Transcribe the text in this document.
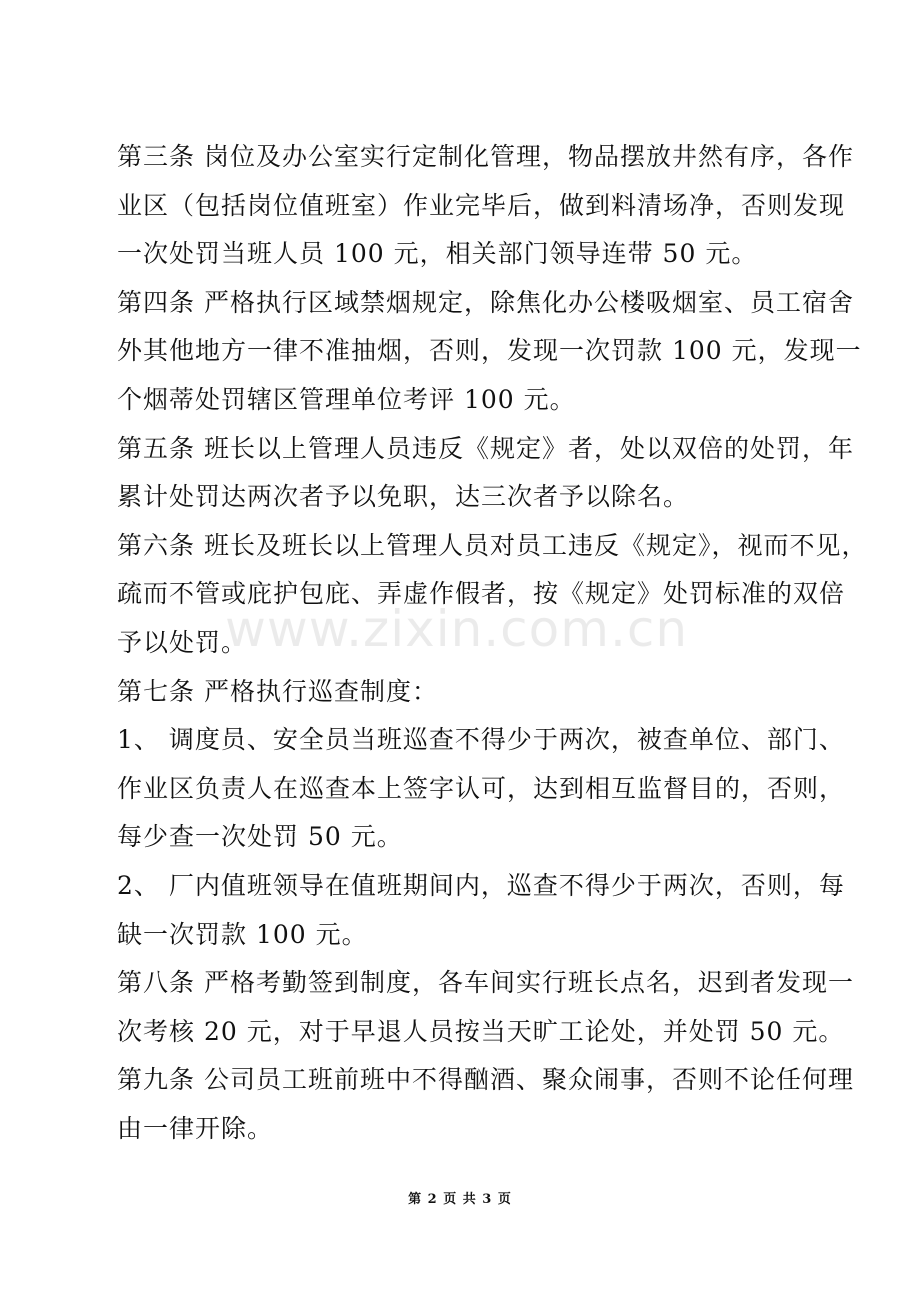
第三条 岗位及办公室实行定制化管理，物品摆放井然有序，各作
业区（包括岗位值班室）作业完毕后，做到料清场净，否则发现
一次处罚当班人员 100 元，相关部门领导连带 50 元。
第四条 严格执行区域禁烟规定，除焦化办公楼吸烟室、员工宿舍
外其他地方一律不准抽烟，否则，发现一次罚款 100 元，发现一
个烟蒂处罚辖区管理单位考评 100 元。
第五条 班长以上管理人员违反《规定》者，处以双倍的处罚，年
累计处罚达两次者予以免职，达三次者予以除名。
第六条 班长及班长以上管理人员对员工违反《规定》，视而不见，
疏而不管或庇护包庇、弄虚作假者，按《规定》处罚标准的双倍
予以处罚。
第七条 严格执行巡查制度：
1、 调度员、安全员当班巡查不得少于两次，被查单位、部门、
作业区负责人在巡查本上签字认可，达到相互监督目的，否则，
每少查一次处罚 50 元。
2、 厂内值班领导在值班期间内，巡查不得少于两次，否则，每
缺一次罚款 100 元。
第八条 严格考勤签到制度，各车间实行班长点名，迟到者发现一
次考核 20 元，对于早退人员按当天旷工论处，并处罚 50 元。
第九条 公司员工班前班中不得酗酒、聚众闹事，否则不论任何理
由一律开除。
www.zixin.com.cn
第 2 页 共 3 页
